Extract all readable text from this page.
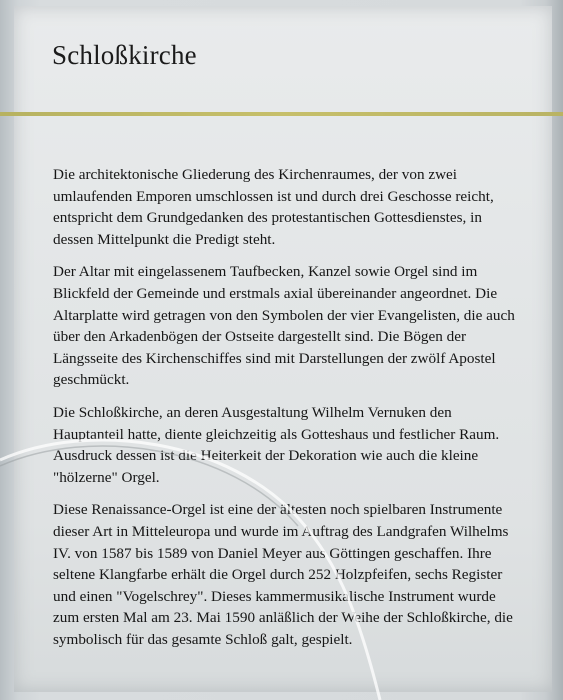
Schloßkirche

Die architektonische Gliederung des Kirchenraumes, der von zwei umlaufenden Emporen umschlossen ist und durch drei Geschosse reicht, entspricht dem Grundgedanken des protestantischen Gottesdienstes, in dessen Mittelpunkt die Predigt steht.

Der Altar mit eingelassenem Taufbecken, Kanzel sowie Orgel sind im Blickfeld der Gemeinde und erstmals axial übereinander angeordnet. Die Altarplatte wird getragen von den Symbolen der vier Evangelisten, die auch über den Arkadenbögen der Ostseite dargestellt sind. Die Bögen der Längsseite des Kirchenschiffes sind mit Darstellungen der zwölf Apostel geschmückt.

Die Schloßkirche, an deren Ausgestaltung Wilhelm Vernuken den Hauptanteil hatte, diente gleichzeitig als Gotteshaus und festlicher Raum. Ausdruck dessen ist die Heiterkeit der Dekoration wie auch die kleine "hölzerne" Orgel.

Diese Renaissance-Orgel ist eine der ältesten noch spielbaren Instrumente dieser Art in Mitteleuropa und wurde im Auftrag des Landgrafen Wilhelms IV. von 1587 bis 1589 von Daniel Meyer aus Göttingen geschaffen. Ihre seltene Klangfarbe erhält die Orgel durch 252 Holzpfeifen, sechs Register und einen "Vogelschrey". Dieses kammermusikalische Instrument wurde zum ersten Mal am 23. Mai 1590 anläßlich der Weihe der Schloßkirche, die symbolisch für das gesamte Schloß galt, gespielt.
